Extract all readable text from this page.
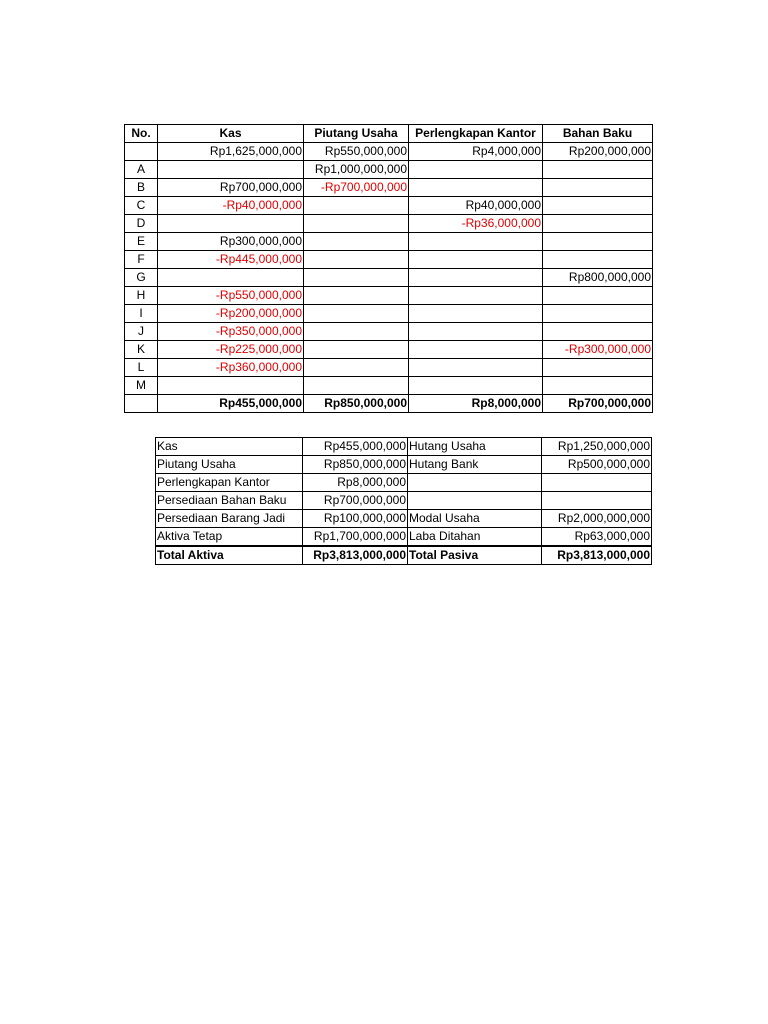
No.	Kas	Piutang Usaha	Perlengkapan Kantor	Bahan Baku
	Rp1,625,000,000	Rp550,000,000	Rp4,000,000	Rp200,000,000
A		Rp1,000,000,000		
B	Rp700,000,000	-Rp700,000,000		
C	-Rp40,000,000		Rp40,000,000	
D			-Rp36,000,000	
E	Rp300,000,000			
F	-Rp445,000,000			
G				Rp800,000,000
H	-Rp550,000,000			
I	-Rp200,000,000			
J	-Rp350,000,000			
K	-Rp225,000,000			-Rp300,000,000
L	-Rp360,000,000			
M				
	Rp455,000,000	Rp850,000,000	Rp8,000,000	Rp700,000,000
Kas	Rp455,000,000	Hutang Usaha	Rp1,250,000,000
Piutang Usaha	Rp850,000,000	Hutang Bank	Rp500,000,000
Perlengkapan Kantor	Rp8,000,000		
Persediaan Bahan Baku	Rp700,000,000		
Persediaan Barang Jadi	Rp100,000,000	Modal Usaha	Rp2,000,000,000
Aktiva Tetap	Rp1,700,000,000	Laba Ditahan	Rp63,000,000
Total Aktiva	Rp3,813,000,000	Total Pasiva	Rp3,813,000,000
